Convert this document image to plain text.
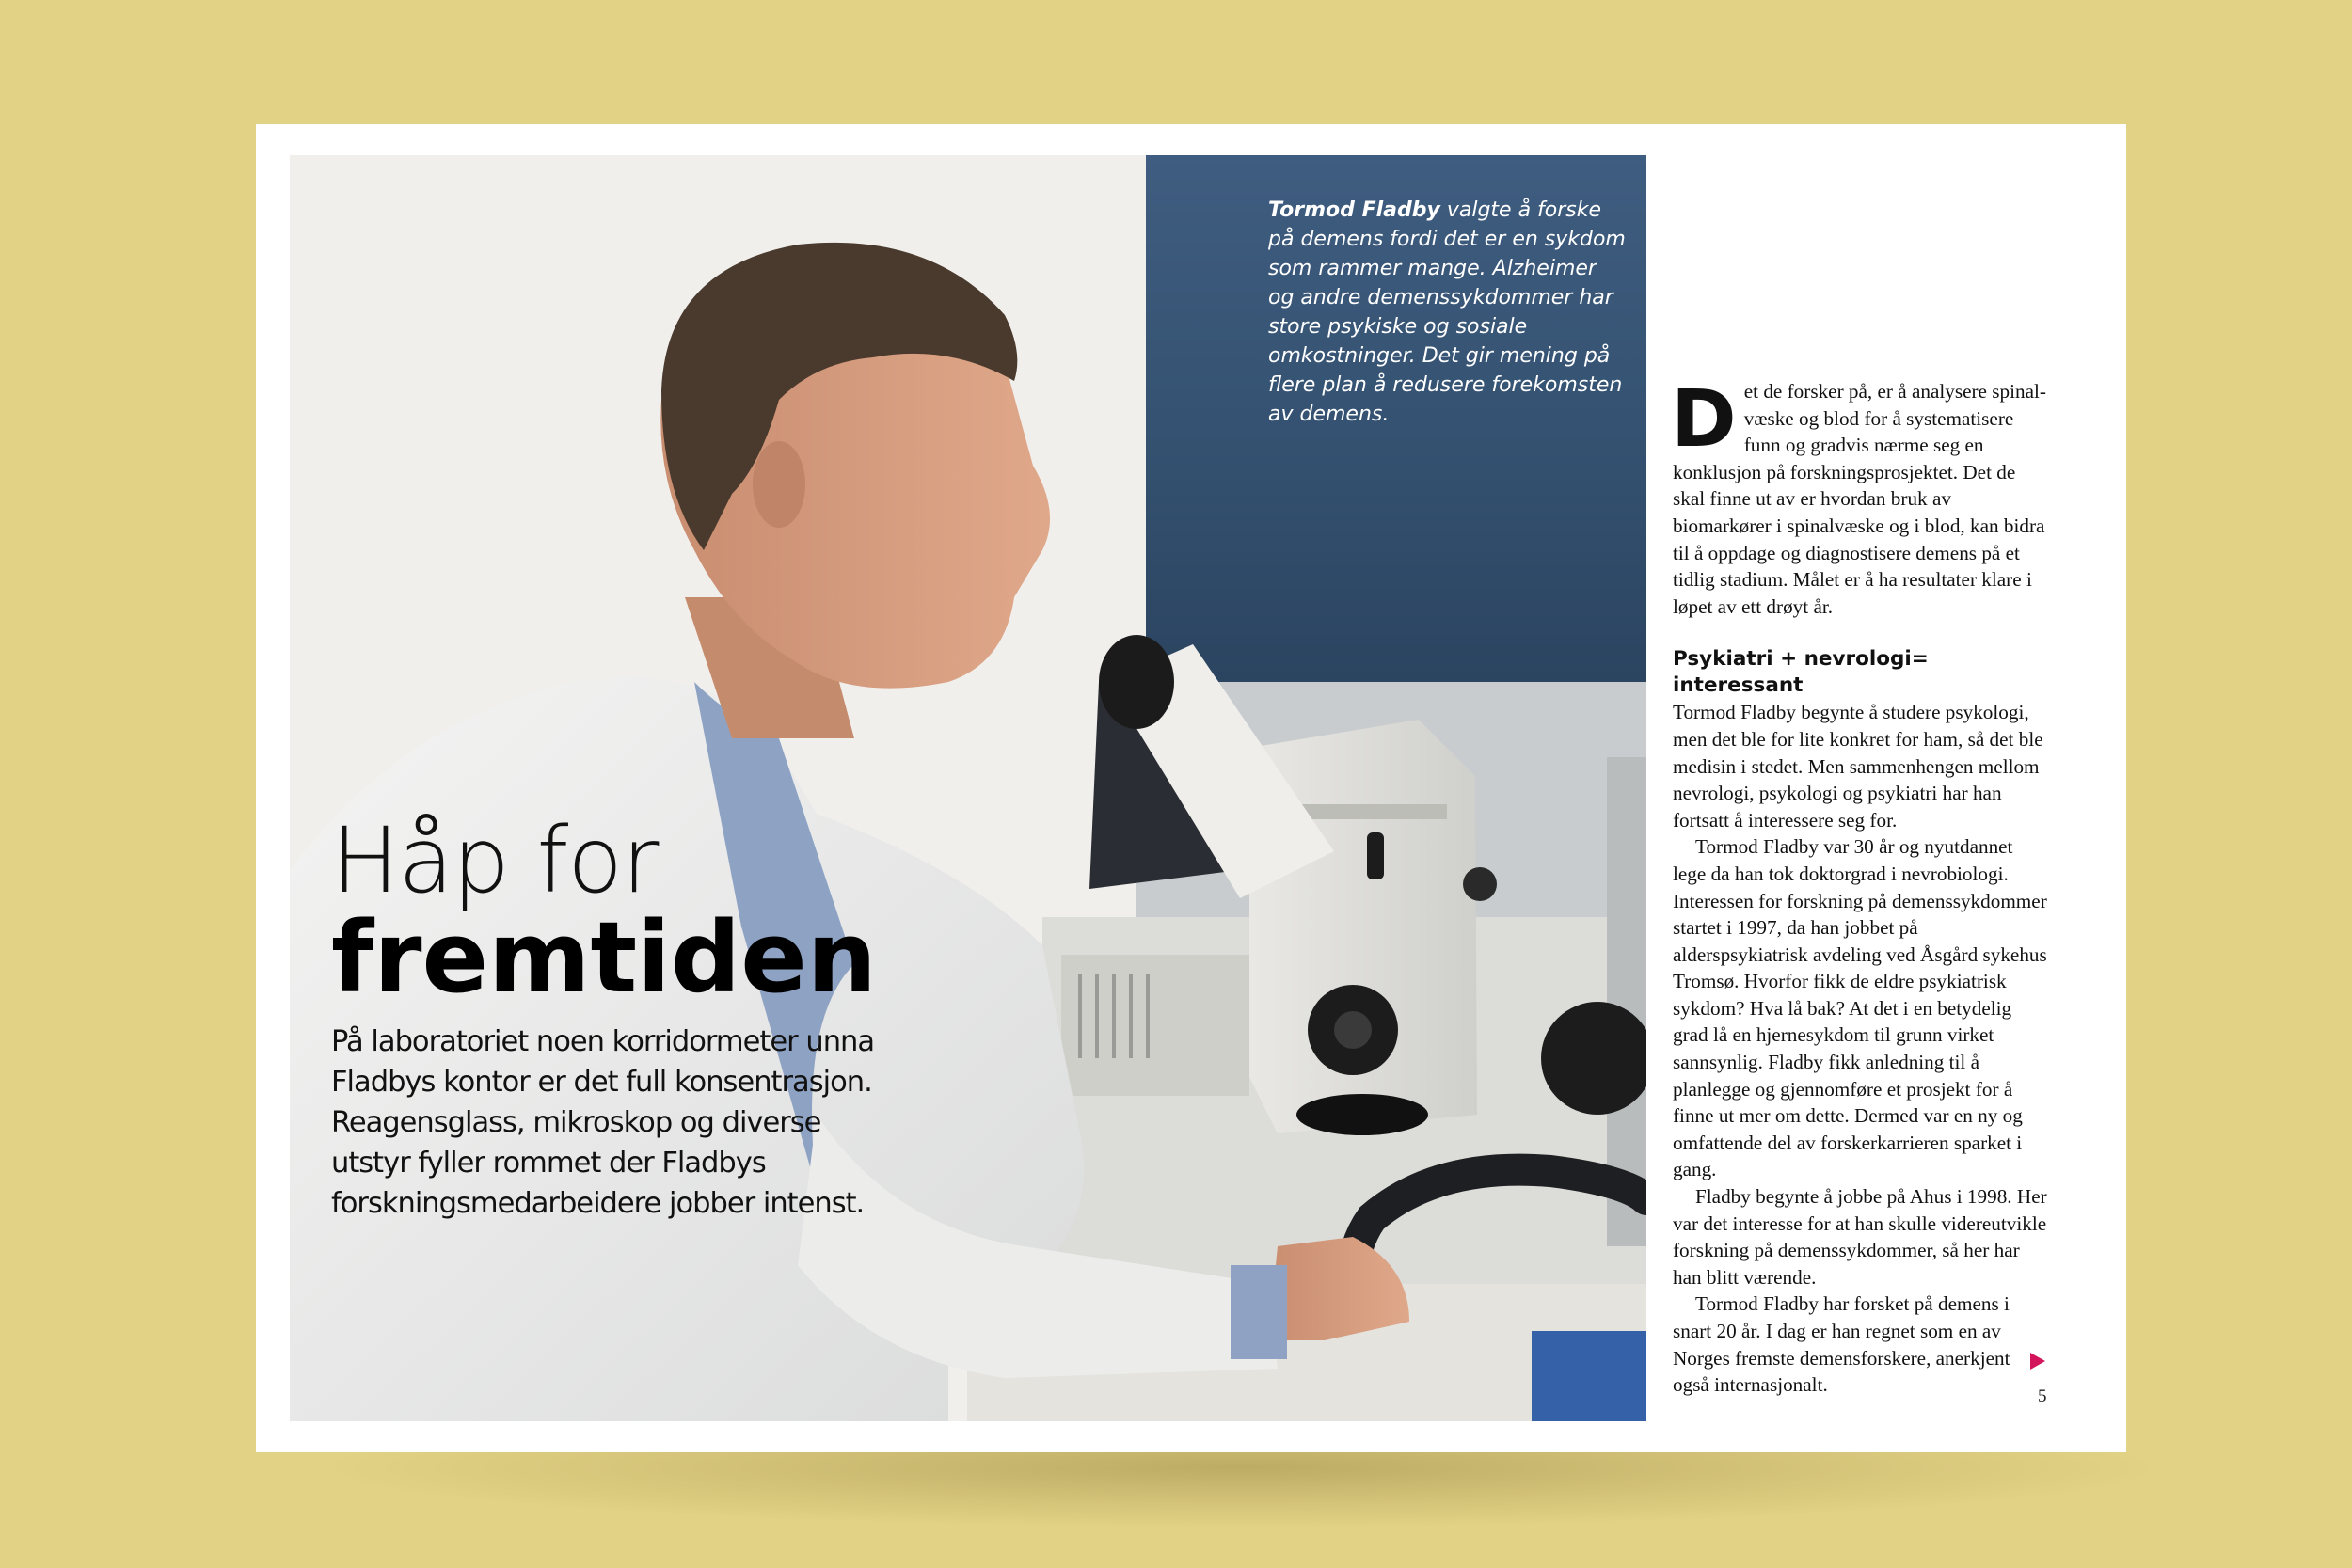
Tormod Fladby valgte å forske på demens fordi det er en sykdom som rammer mange. Alzheimer og andre demenssykdommer har store psykiske og sosiale omkostninger. Det gir mening på flere plan å redusere forekomsten av demens.
Håp for
fremtiden
På laboratoriet noen korridormeter unna Fladbys kontor er det full konsentrasjon. Reagensglass, mikroskop og diverse utstyr fyller rommet der Fladbys forskningsmedarbeidere jobber intenst.

Det de forsker på, er å analysere spinalvæske og blod for å systematisere funn og gradvis nærme seg en konklusjon på forskningsprosjektet. Det de skal finne ut av er hvordan bruk av biomarkører i spinalvæske og i blod, kan bidra til å oppdage og diagnostisere demens på et tidlig stadium. Målet er å ha resultater klare i løpet av ett drøyt år.

Psykiatri + nevrologi= interessant

Tormod Fladby begynte å studere psykologi, men det ble for lite konkret for ham, så det ble medisin i stedet. Men sammenhengen mellom nevrologi, psykologi og psykiatri har han fortsatt å interessere seg for.

Tormod Fladby var 30 år og nyutdannet lege da han tok doktorgrad i nevrobiologi. Interessen for forskning på demenssykdommer startet i 1997, da han jobbet på alderspsykiatrisk avdeling ved Åsgård sykehus Tromsø. Hvorfor fikk de eldre psykiatrisk sykdom? Hva lå bak? At det i en betydelig grad lå en hjernesykdom til grunn virket sannsynlig. Fladby fikk anledning til å planlegge og gjennomføre et prosjekt for å finne ut mer om dette. Dermed var en ny og omfattende del av forskerkarrieren sparket i gang.

Fladby begynte å jobbe på Ahus i 1998. Her var det interesse for at han skulle videreutvikle forskning på demenssykdommer, så her har han blitt værende.

Tormod Fladby har forsket på demens i snart 20 år. I dag er han regnet som en av Norges fremste demensforskere, anerkjent også internasjonalt.

5
